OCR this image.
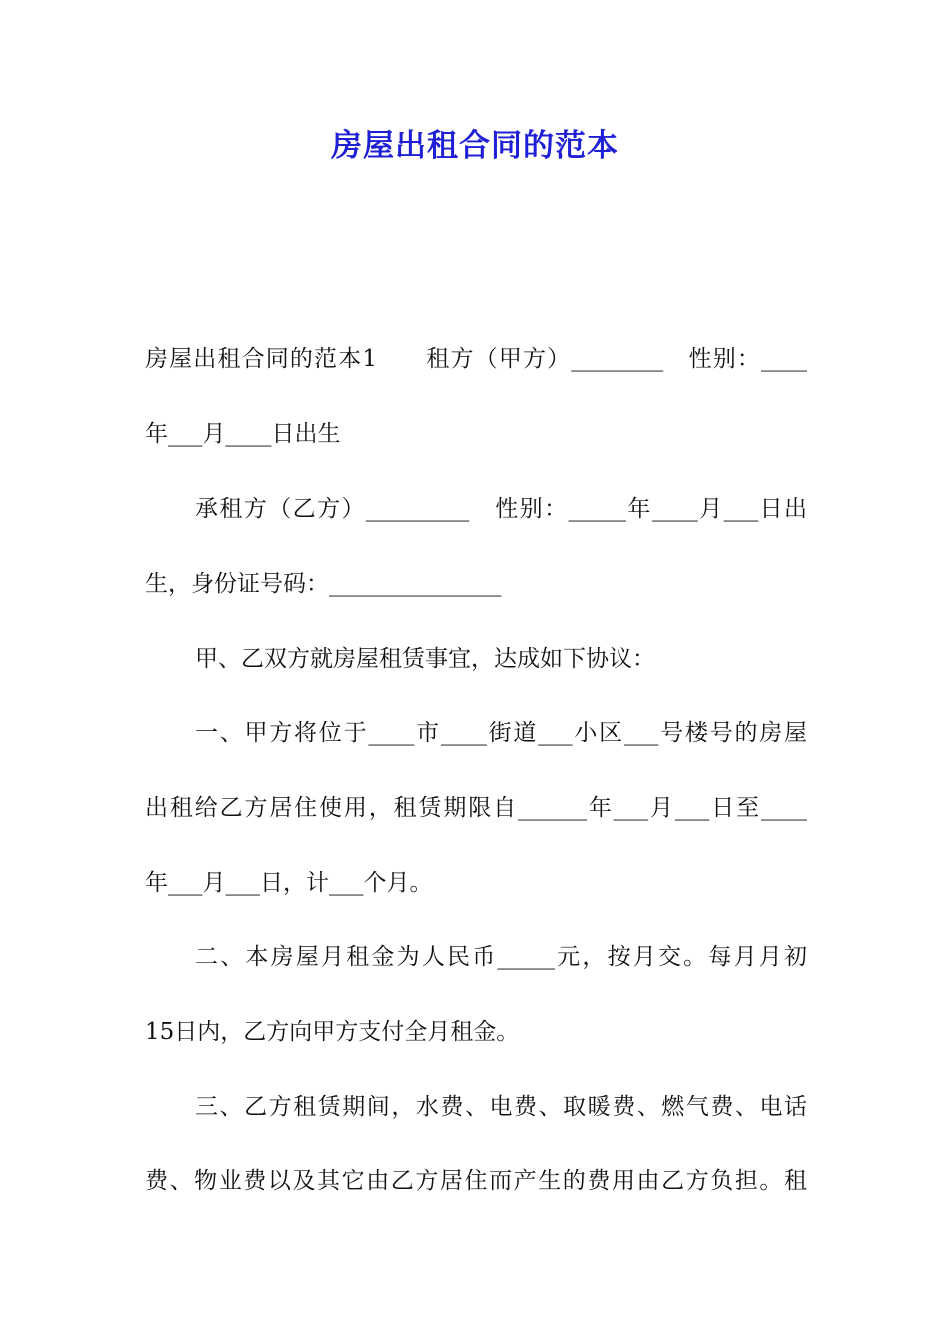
房屋出租合同的范本

房屋出租合同的范本1　　租方（甲方）________　性别：____

年___月____日出生

承租方（乙方）_________　性别：_____年____月___日出

生，身份证号码：_______________

甲、乙双方就房屋租赁事宜，达成如下协议：

一、甲方将位于____市____街道___小区___号楼号的房屋

出租给乙方居住使用，租赁期限自______年___月___日至____

年___月___日，计___个月。

二、本房屋月租金为人民币_____元，按月交。每月月初

15日内，乙方向甲方支付全月租金。

三、乙方租赁期间，水费、电费、取暖费、燃气费、电话

费、物业费以及其它由乙方居住而产生的费用由乙方负担。租
